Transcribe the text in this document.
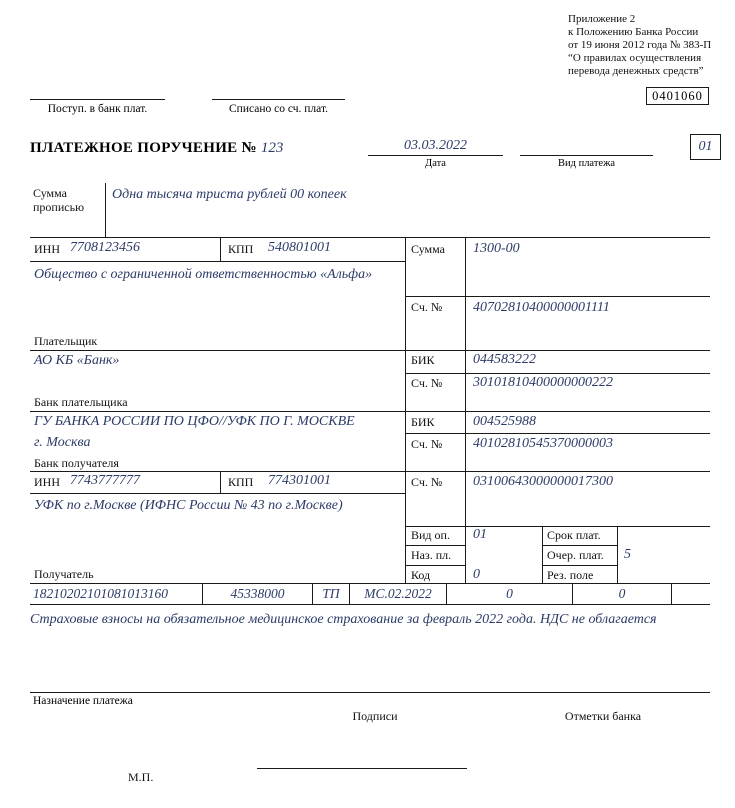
Приложение 2
к Положению Банка России
от 19 июня 2012 года № 383-П
“О правилах осуществления
перевода денежных средств”
0401060
Поступ. в банк плат.	Списано со сч. плат.
ПЛАТЕЖНОЕ ПОРУЧЕНИЕ № 123	03.03.2022
Дата	Вид платежа
01
Сумма
прописью
Одна тысяча триста рублей 00 копеек
ИНН 7708123456	КПП 540801001
Общество с ограниченной ответственностью «Альфа»
Плательщик
Сумма 1300-00
Сч. № 40702810400000001111
АО КБ «Банк»
Банк плательщика
БИК	044583222
Сч. № 30101810400000000222
ГУ БАНКА РОССИИ ПО ЦФО//УФК ПО Г. МОСКВЕ
г. Москва
Банк получателя
БИК	004525988
Сч. № 40102810545370000003
ИНН 7743777777	КПП 774301001	Сч. № 03100643000000017300
УФК по г.Москве (ИФНС России № 43 по г.Москве)
Получатель
Вид оп. 01
Наз. пл.
Код	0
Срок плат.
Очер. плат. 5
Рез. поле
18210202101081013160	45338000	ТП МС.02.2022	0	0
Страховые взносы на обязательное медицинское страхование за февраль 2022 года. НДС не облагается
Назначение платежа
Подписи	Отметки банка
М.П.
